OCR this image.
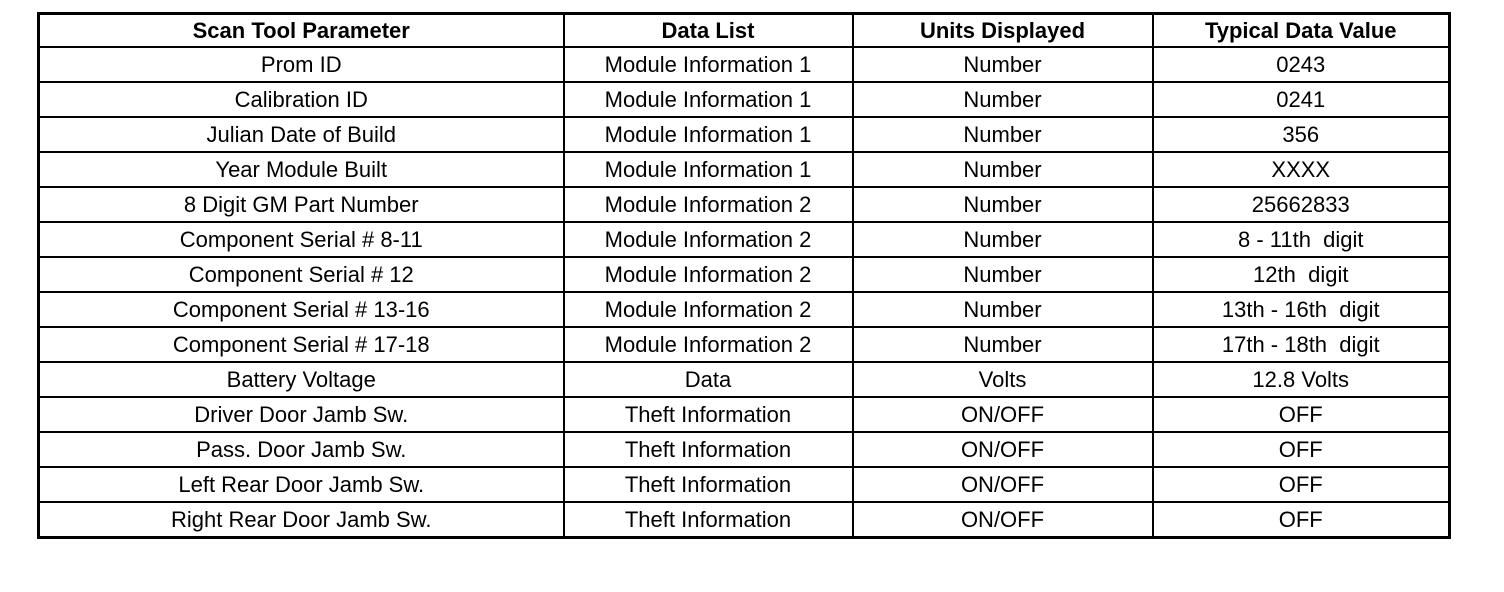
Scan Tool Parameter	Data List	Units Displayed	Typical Data Value
Prom ID	Module Information 1	Number	0243
Calibration ID	Module Information 1	Number	0241
Julian Date of Build	Module Information 1	Number	356
Year Module Built	Module Information 1	Number	XXXX
8 Digit GM Part Number	Module Information 2	Number	25662833
Component Serial # 8-11	Module Information 2	Number	8 - 11th  digit
Component Serial # 12	Module Information 2	Number	12th  digit
Component Serial # 13-16	Module Information 2	Number	13th - 16th  digit
Component Serial # 17-18	Module Information 2	Number	17th - 18th  digit
Battery Voltage	Data	Volts	12.8 Volts
Driver Door Jamb Sw.	Theft Information	ON/OFF	OFF
Pass. Door Jamb Sw.	Theft Information	ON/OFF	OFF
Left Rear Door Jamb Sw.	Theft Information	ON/OFF	OFF
Right Rear Door Jamb Sw.	Theft Information	ON/OFF	OFF
